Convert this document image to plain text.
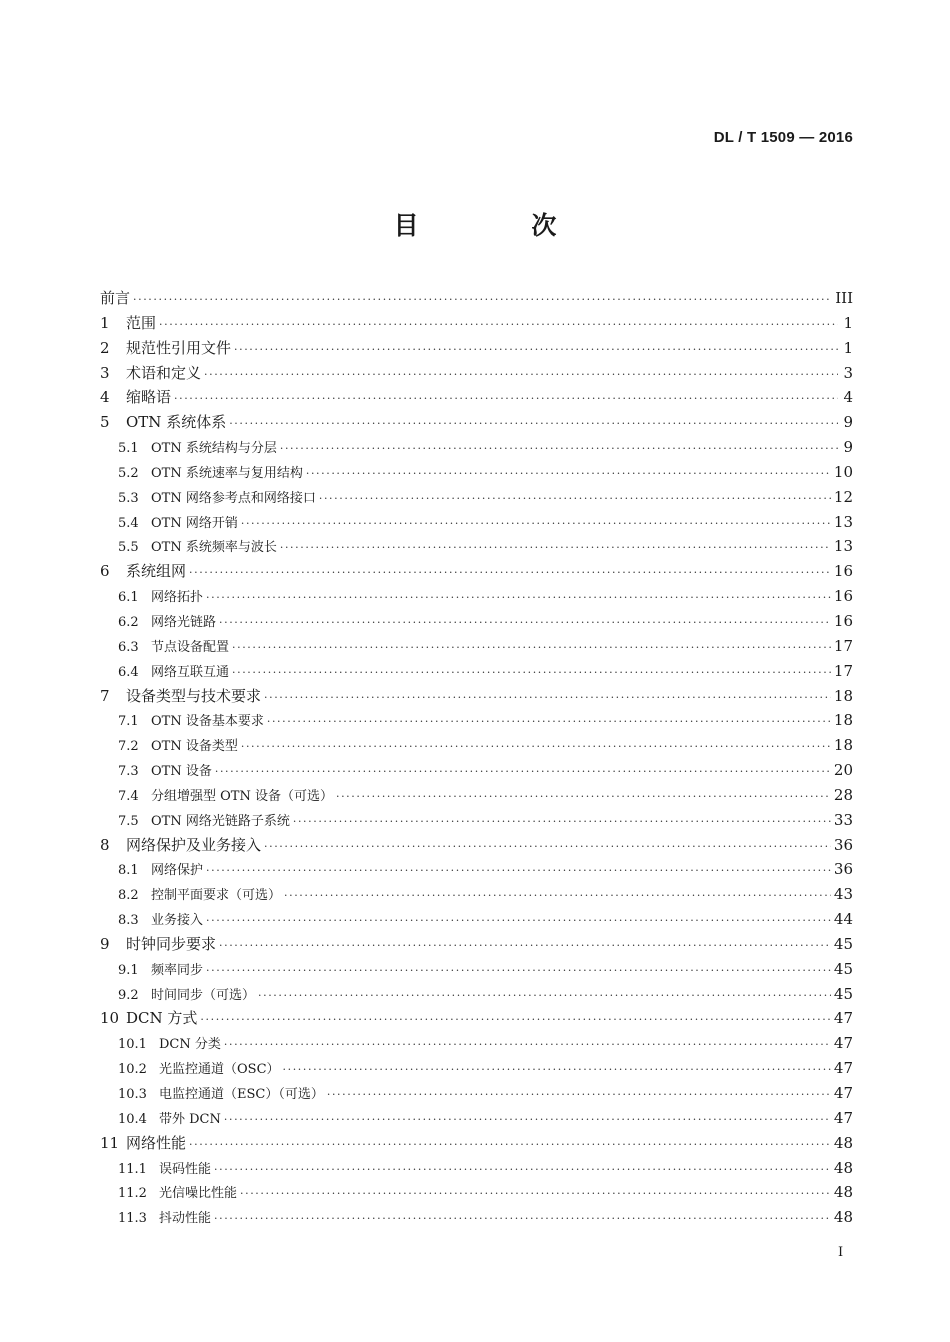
DL / T 1509 — 2016
目 次
前言 ·····	III
1	范围 ·····	1
2	规范性引用文件 ·····	1
3	术语和定义 ·····	3
4	缩略语 ·····	4
5	OTN 系统体系 ·····	9
5.1 OTN 系统结构与分层 ·····	9
5.2 OTN 系统速率与复用结构 ·····	10
5.3 OTN 网络参考点和网络接口 ·····	12
5.4 OTN 网络开销 ·····	13
5.5 OTN 系统频率与波长 ·····	13
6	系统组网 ·····	16
6.1 网络拓扑 ·····	16
6.2 网络光链路 ·····	16
6.3 节点设备配置 ·····	17
6.4 网络互联互通 ·····	17
7	设备类型与技术要求 ·····	18
7.1 OTN 设备基本要求 ·····	18
7.2 OTN 设备类型 ·····	18
7.3 OTN 设备 ·····	20
7.4 分组增强型 OTN 设备（可选） ·····	28
7.5 OTN 网络光链路子系统 ·····	33
8	网络保护及业务接入 ·····	36
8.1 网络保护 ·····	36
8.2 控制平面要求（可选） ·····	43
8.3 业务接入 ·····	44
9	时钟同步要求 ·····	45
9.1 频率同步 ·····	45
9.2 时间同步（可选） ·····	45
10 DCN 方式 ·····	47
10.1 DCN 分类 ·····	47
10.2 光监控通道（OSC） ·····	47
10.3 电监控通道（ESC）（可选） ·····	47
10.4 带外 DCN ·····	47
11 网络性能 ·····	48
11.1 误码性能 ·····	48
11.2 光信噪比性能 ·····	48
11.3 抖动性能 ·····	48
I
